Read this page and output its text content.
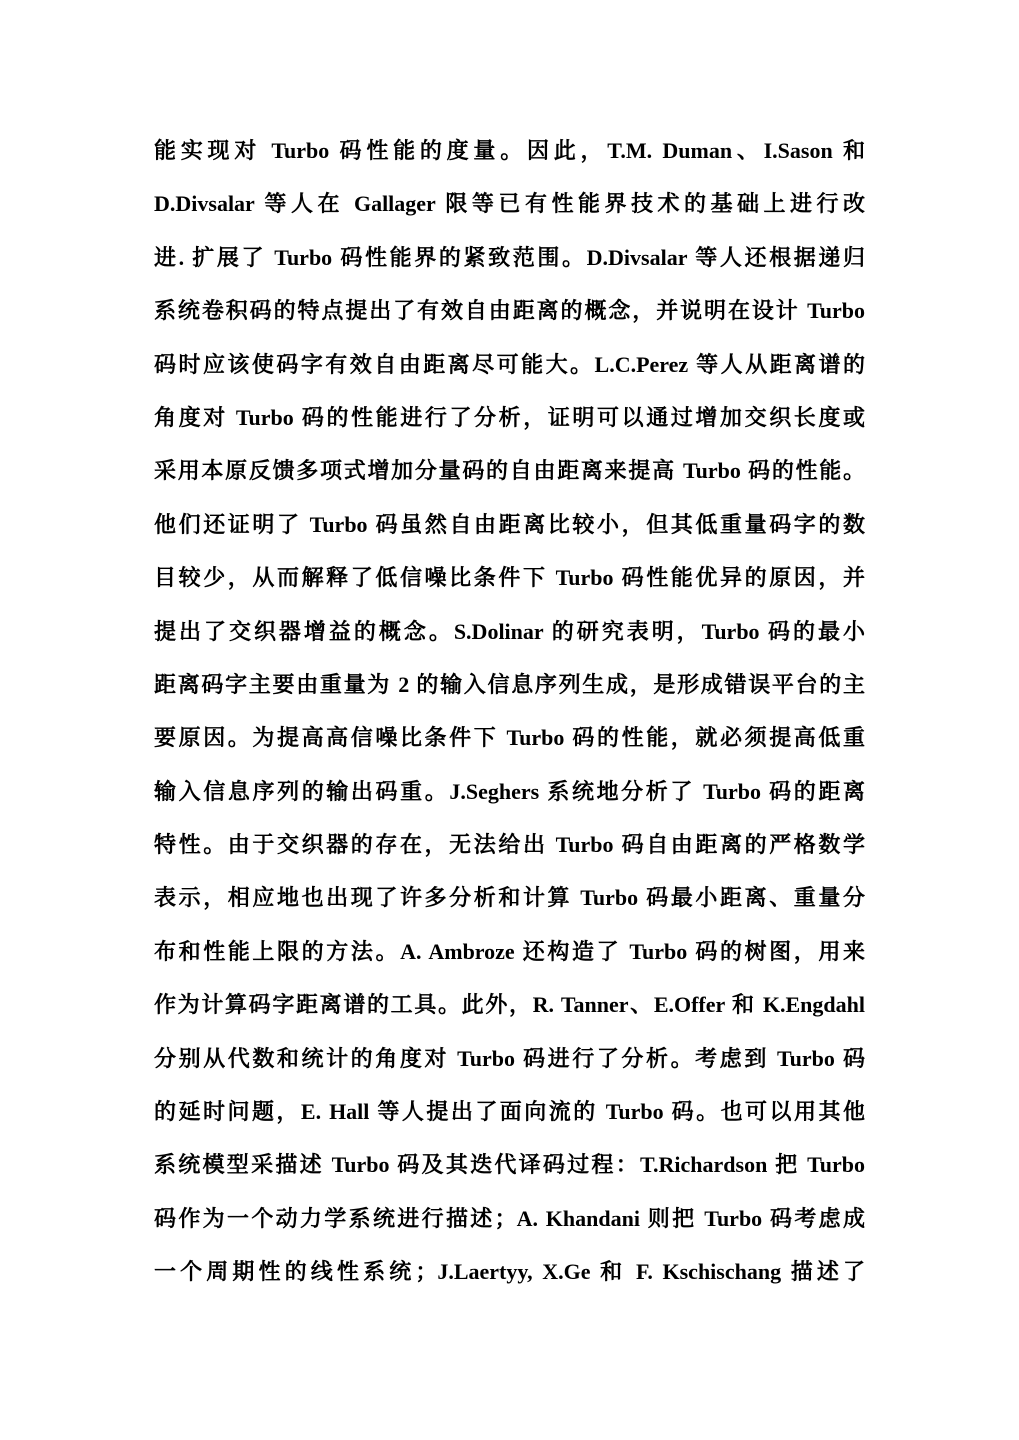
能实现对 Turbo 码性能的度量。因此，T.M. Duman、I.Sason 和
D.Divsalar 等人在 Gallager 限等已有性能界技术的基础上进行改
进. 扩展了 Turbo 码性能界的紧致范围。D.Divsalar 等人还根据递归
系统卷积码的特点提出了有效自由距离的概念，并说明在设计 Turbo
码时应该使码字有效自由距离尽可能大。L.C.Perez 等人从距离谱的
角度对 Turbo 码的性能进行了分析，证明可以通过增加交织长度或
采用本原反馈多项式增加分量码的自由距离来提高 Turbo 码的性能。
他们还证明了 Turbo 码虽然自由距离比较小，但其低重量码字的数
目较少，从而解释了低信噪比条件下 Turbo 码性能优异的原因，并
提出了交织器增益的概念。S.Dolinar 的研究表明，Turbo 码的最小
距离码字主要由重量为 2 的输入信息序列生成，是形成错误平台的主
要原因。为提高高信噪比条件下 Turbo 码的性能，就必须提高低重
输入信息序列的输出码重。J.Seghers 系统地分析了 Turbo 码的距离
特性。由于交织器的存在，无法给出 Turbo 码自由距离的严格数学
表示，相应地也出现了许多分析和计算 Turbo 码最小距离、重量分
布和性能上限的方法。A. Ambroze 还构造了 Turbo 码的树图，用来
作为计算码字距离谱的工具。此外，R. Tanner、E.Offer 和 K.Engdahl
分别从代数和统计的角度对 Turbo 码进行了分析。考虑到 Turbo 码
的延时问题，E. Hall 等人提出了面向流的 Turbo 码。也可以用其他
系统模型采描述 Turbo 码及其迭代译码过程：T.Richardson 把 Turbo
码作为一个动力学系统进行描述；A. Khandani 则把 Turbo 码考虑成
一个周期性的线性系统；J.Laertyy, X.Ge 和 F. Kschischang 描述了
